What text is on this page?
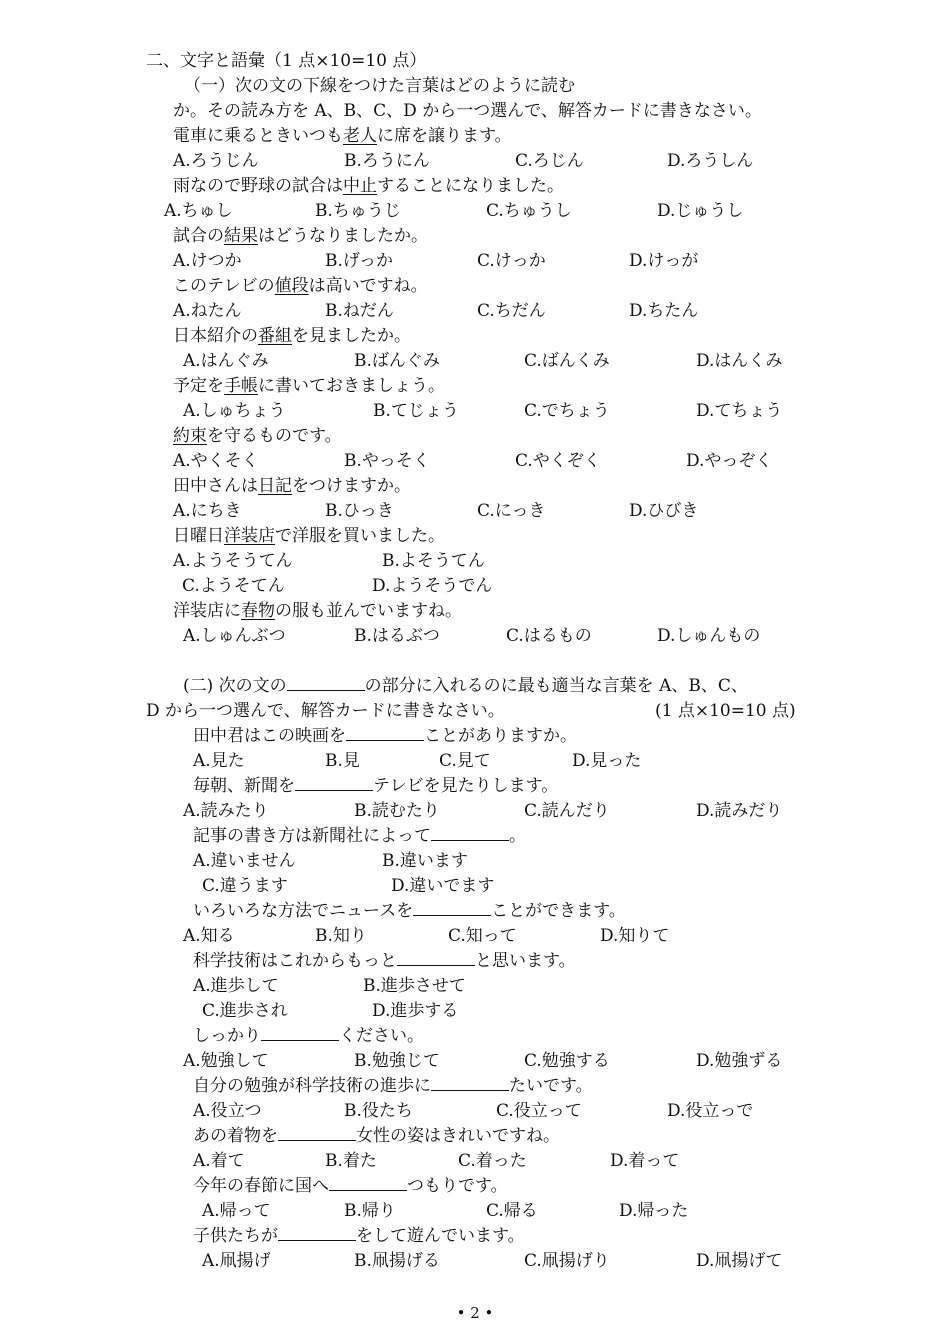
二、文字と語彙（1 点×10=10 点）
（一）次の文の下線をつけた言葉はどのように読む
か。その読み方を A、B、C、D から一つ選んで、解答カードに書きなさい。
電車に乗るときいつも老人に席を譲ります。
A.ろうじん	B.ろうにん	C.ろじん	D.ろうしん
雨なので野球の試合は中止することになりました。
A.ちゅし	B.ちゅうじ	C.ちゅうし	D.じゅうし
試合の結果はどうなりましたか。
A.けつか	B.げっか	C.けっか	D.けっが
このテレビの値段は高いですね。
A.ねたん	B.ねだん	C.ちだん	D.ちたん
日本紹介の番組を見ましたか。
A.はんぐみ	B.ばんぐみ	C.ばんくみ	D.はんくみ
予定を手帳に書いておきましょう。
A.しゅちょう	B.てじょう	C.でちょう	D.てちょう
約束を守るものです。
A.やくそく	B.やっそく	C.やくぞく	D.やっぞく
田中さんは日記をつけますか。
A.にちき	B.ひっき	C.にっき	D.ひびき
日曜日洋装店で洋服を買いました。
A.ようそうてん	B.よそうてん
C.ようそてん	D.ようそうでん
洋装店に春物の服も並んでいますね。
A.しゅんぶつ	B.はるぶつ	C.はるもの	D.しゅんもの
(二) 次の文の	の部分に入れるのに最も適当な言葉を A、B、C、
D から一つ選んで、解答カードに書きなさい。	(1 点×10=10 点)
田中君はこの映画を	ことがありますか。
A.見た	B.見	C.見て	D.見った
毎朝、新聞を	テレビを見たりします。
A.読みたり	B.読むたり	C.読んだり	D.読みだり
記事の書き方は新聞社によって	。
A.違いません	B.違います
C.違うます	D.違いでます
いろいろな方法でニュースを	ことができます。
A.知る	B.知り	C.知って	D.知りて
科学技術はこれからもっと	と思います。
A.進歩して	B.進歩させて
C.進歩され	D.進歩する
しっかり	ください。
A.勉強して	B.勉強じて	C.勉強する	D.勉強ずる
自分の勉強が科学技術の進歩に	たいです。
A.役立つ	B.役たち	C.役立って	D.役立っで
あの着物を	女性の姿はきれいですね。
A.着て	B.着た	C.着った	D.着って
今年の春節に国へ	つもりです。
A.帰って	B.帰り	C.帰る	D.帰った
子供たちが	をして遊んでいます。
A.凧揚げ	B.凧揚げる	C.凧揚げり	D.凧揚げて
• 2 •
